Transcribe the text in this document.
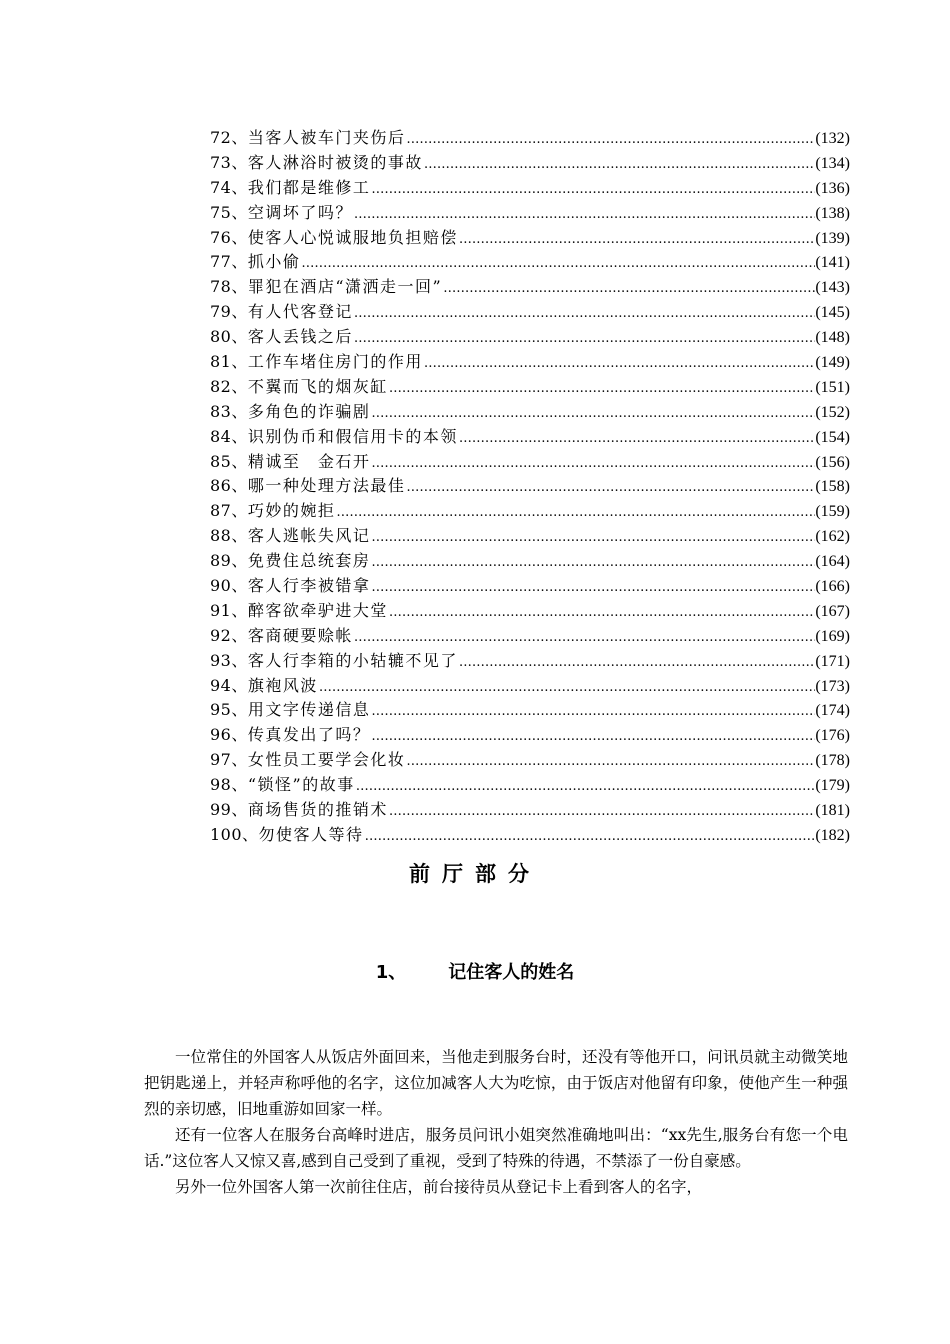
72、 当客人被车门夹伤后 …………………………………………………………………………………………………………………………………………………………………………	(132)
73、 客人淋浴时被烫的事故 …………………………………………………………………………………………………………………………………………………………………………	(134)
74、 我们都是维修工 …………………………………………………………………………………………………………………………………………………………………………	(136)
75、 空调坏了吗？ …………………………………………………………………………………………………………………………………………………………………………	(138)
76、 使客人心悦诚服地负担赔偿 …………………………………………………………………………………………………………………………………………………………………………	(139)
77、 抓小偷 …………………………………………………………………………………………………………………………………………………………………………	(141)
78、 罪犯在酒店“潇洒走一回” …………………………………………………………………………………………………………………………………………………………………………	(143)
79、 有人代客登记 …………………………………………………………………………………………………………………………………………………………………………	(145)
80、 客人丢钱之后 …………………………………………………………………………………………………………………………………………………………………………	(148)
81、 工作车堵住房门的作用 …………………………………………………………………………………………………………………………………………………………………………	(149)
82、 不翼而飞的烟灰缸 …………………………………………………………………………………………………………………………………………………………………………	(151)
83、 多角色的诈骗剧 …………………………………………………………………………………………………………………………………………………………………………	(152)
84、 识别伪币和假信用卡的本领 …………………………………………………………………………………………………………………………………………………………………………	(154)
85、 精诚至　金石开 …………………………………………………………………………………………………………………………………………………………………………	(156)
86、 哪一种处理方法最佳 …………………………………………………………………………………………………………………………………………………………………………	(158)
87、 巧妙的婉拒 …………………………………………………………………………………………………………………………………………………………………………	(159)
88、 客人逃帐失风记 …………………………………………………………………………………………………………………………………………………………………………	(162)
89、 免费住总统套房 …………………………………………………………………………………………………………………………………………………………………………	(164)
90、 客人行李被错拿 …………………………………………………………………………………………………………………………………………………………………………	(166)
91、 醉客欲牵驴进大堂 …………………………………………………………………………………………………………………………………………………………………………	(167)
92、 客商硬要赊帐 …………………………………………………………………………………………………………………………………………………………………………	(169)
93、 客人行李箱的小轱辘不见了 …………………………………………………………………………………………………………………………………………………………………………	(171)
94、 旗袍风波 …………………………………………………………………………………………………………………………………………………………………………	(173)
95、 用文字传递信息 …………………………………………………………………………………………………………………………………………………………………………	(174)
96、 传真发出了吗？ …………………………………………………………………………………………………………………………………………………………………………	(176)
97、 女性员工要学会化妆 …………………………………………………………………………………………………………………………………………………………………………	(178)
98、 “锁怪”的故事 …………………………………………………………………………………………………………………………………………………………………………	(179)
99、 商场售货的推销术 …………………………………………………………………………………………………………………………………………………………………………	(181)
100、 勿使客人等待 …………………………………………………………………………………………………………………………………………………………………………	(182)
前厅部分
1、 记住客人的姓名

一位常住的外国客人从饭店外面回来，当他走到服务台时，还没有等他开口，问讯员就主动微笑地把钥匙递上，并轻声称呼他的名字，这位加减客人大为吃惊，由于饭店对他留有印象，使他产生一种强烈的亲切感，旧地重游如回家一样。

还有一位客人在服务台高峰时进店，服务员问讯小姐突然准确地叫出：“xx先生,服务台有您一个电话.”这位客人又惊又喜,感到自己受到了重视，受到了特殊的待遇，不禁添了一份自豪感。

另外一位外国客人第一次前往住店，前台接待员从登记卡上看到客人的名字，
